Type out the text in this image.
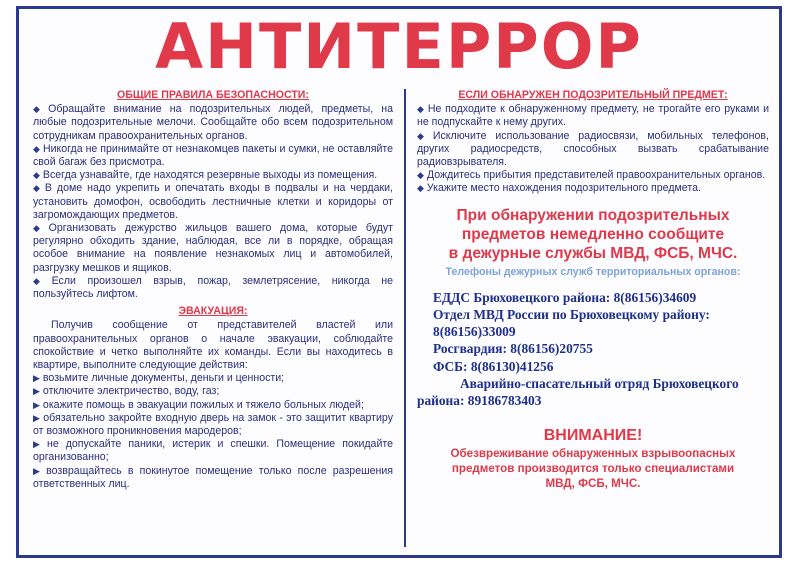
АНТИТЕРРОР
ОБЩИЕ ПРАВИЛА БЕЗОПАСНОСТИ:
◆ Обращайте внимание на подозрительных людей, предметы, на любые подозрительные мелочи. Сообщайте обо всем подозрительном сотрудникам правоохранительных органов.
◆ Никогда не принимайте от незнакомцев пакеты и сумки, не оставляйте свой багаж без присмотра.
◆ Всегда узнавайте, где находятся резервные выходы из помещения.
◆ В доме надо укрепить и опечатать входы в подвалы и на чердаки, установить домофон, освободить лестничные клетки и коридоры от загромождающих предметов.
◆ Организовать дежурство жильцов вашего дома, которые будут регулярно обходить здание, наблюдая, все ли в порядке, обращая особое внимание на появление незнакомых лиц и автомобилей, разгрузку мешков и ящиков.
◆ Если произошел взрыв, пожар, землетрясение, никогда не пользуйтесь лифтом.
ЭВАКУАЦИЯ:
Получив сообщение от представителей властей или правоохранительных органов о начале эвакуации, соблюдайте спокойствие и четко выполняйте их команды. Если вы находитесь в квартире, выполните следующие действия:
▶ возьмите личные документы, деньги и ценности;
▶ отключите электричество, воду, газ;
▶ окажите помощь в эвакуации пожилых и тяжело больных людей;
▶ обязательно закройте входную дверь на замок - это защитит квартиру от возможного проникновения мародеров;
▶ не допускайте паники, истерик и спешки. Помещение покидайте организованно;
▶ возвращайтесь в покинутое помещение только после разрешения ответственных лиц.
ЕСЛИ ОБНАРУЖЕН ПОДОЗРИТЕЛЬНЫЙ ПРЕДМЕТ:
◆ Не подходите к обнаруженному предмету, не трогайте его руками и не подпускайте к нему других.
◆ Исключите использование радиосвязи, мобильных телефонов, других радиосредств, способных вызвать срабатывание радиовзрывателя.
◆ Дождитесь прибытия представителей правоохранительных органов.
◆ Укажите место нахождения подозрительного предмета.
При обнаружении подозрительных
предметов немедленно сообщите
в дежурные службы МВД, ФСБ, МЧС.
Телефоны дежурных служб территориальных органов:
ЕДДС Брюховецкого района: 8(86156)34609
Отдел МВД России по Брюховецкому району:
8(86156)33009
Росгвардия: 8(86156)20755
ФСБ: 8(86130)41256
Аварийно-спасательный отряд Брюховецкого
района: 89186783403
ВНИМАНИЕ!
Обезвреживание обнаруженных взрывоопасных
предметов производится только специалистами
МВД, ФСБ, МЧС.
